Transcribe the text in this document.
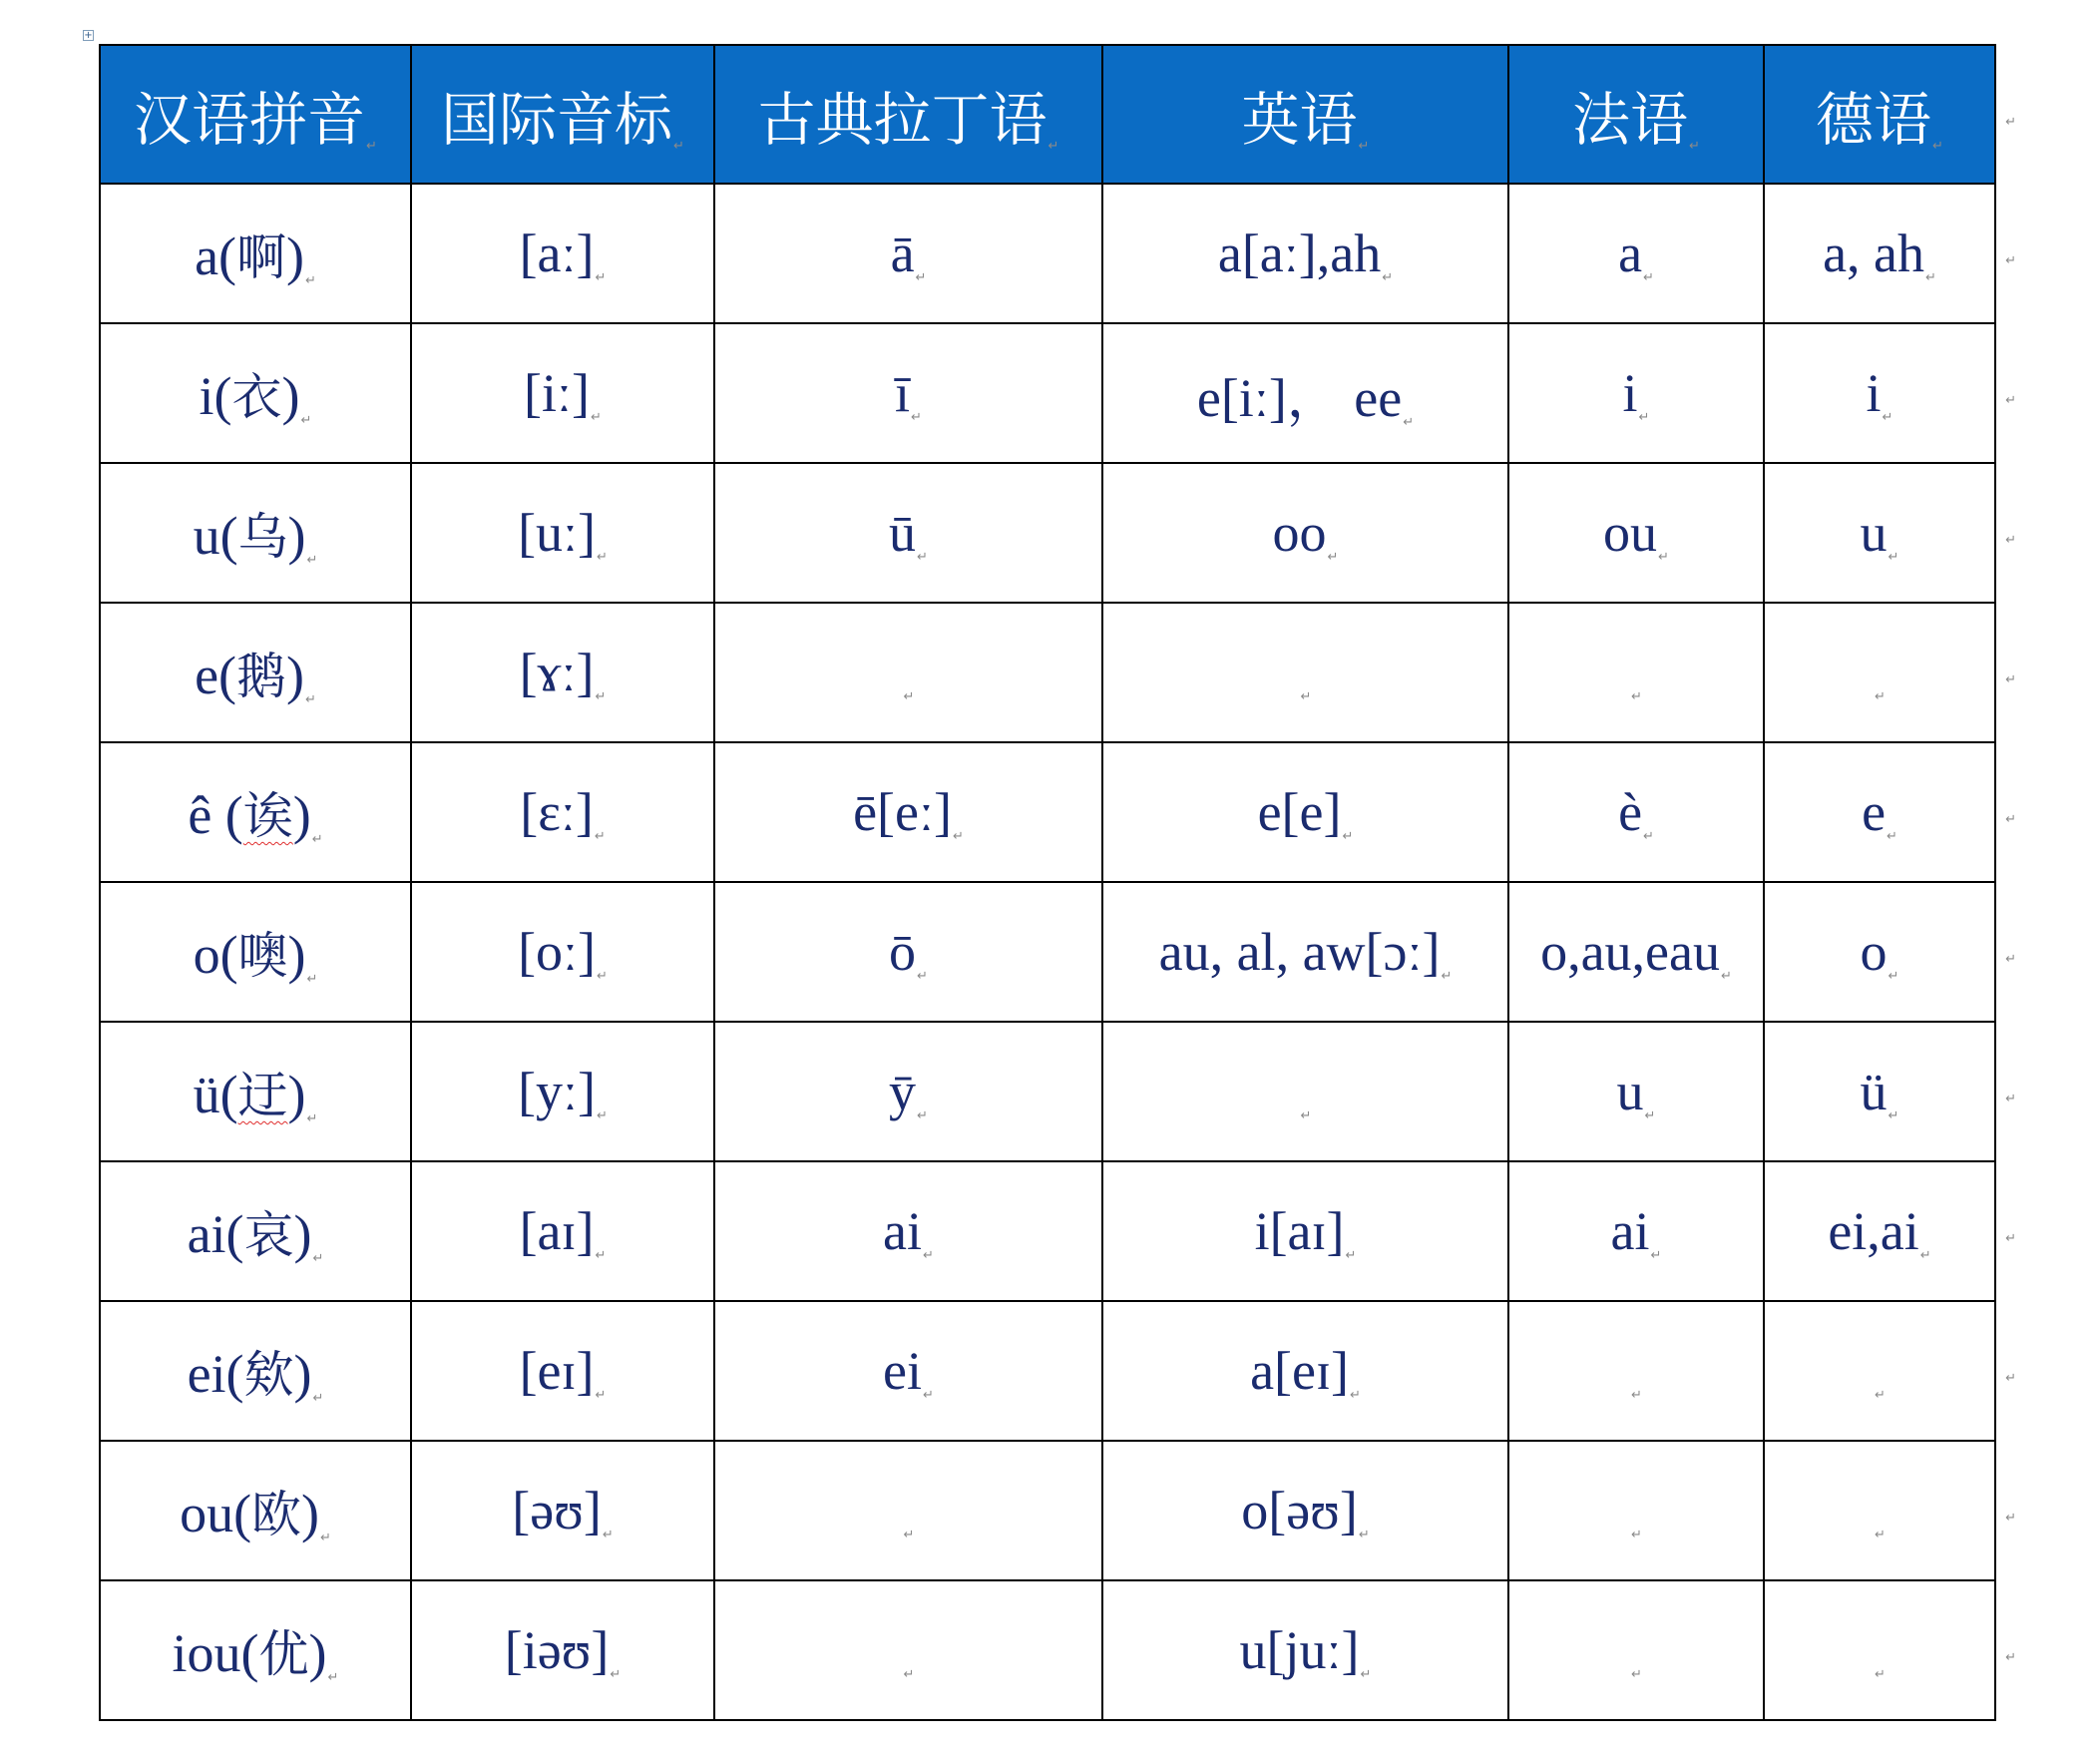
+
汉语拼音↵	国际音标↵	古典拉丁语↵	英语↵	法语↵	德语↵
↵

a(啊)↵	[aː]↵	ā↵	a[aː],ah↵	a↵	a, ah↵
↵

i(衣)↵	[iː]↵	ī↵	e[iː]， ee↵	i↵	i↵
↵

u(乌)↵	[uː]↵	ū↵	oo↵	ou↵	u↵
↵

e(鹅)↵	[ɤː]↵	↵	↵	↵	↵
↵

ê (诶)↵	[ɛː]↵	ē[eː]↵	e[e]↵	è↵	e↵
↵

o(噢)↵	[oː]↵	ō↵	au, al, aw[ɔː]↵	o,au,eau↵	o↵
↵

ü(迂)↵	[yː]↵	ȳ↵	↵	u↵	ü↵
↵

ai(哀)↵	[aɪ]↵	ai↵	i[aɪ]↵	ai↵	ei,ai↵
↵

ei(欸)↵	[eɪ]↵	ei↵	a[eɪ]↵	↵	↵
↵

ou(欧)↵	[əʊ]↵	↵	o[əʊ]↵	↵	↵
↵

iou(优)↵	[iəʊ]↵	↵	u[juː]↵	↵	↵
↵
